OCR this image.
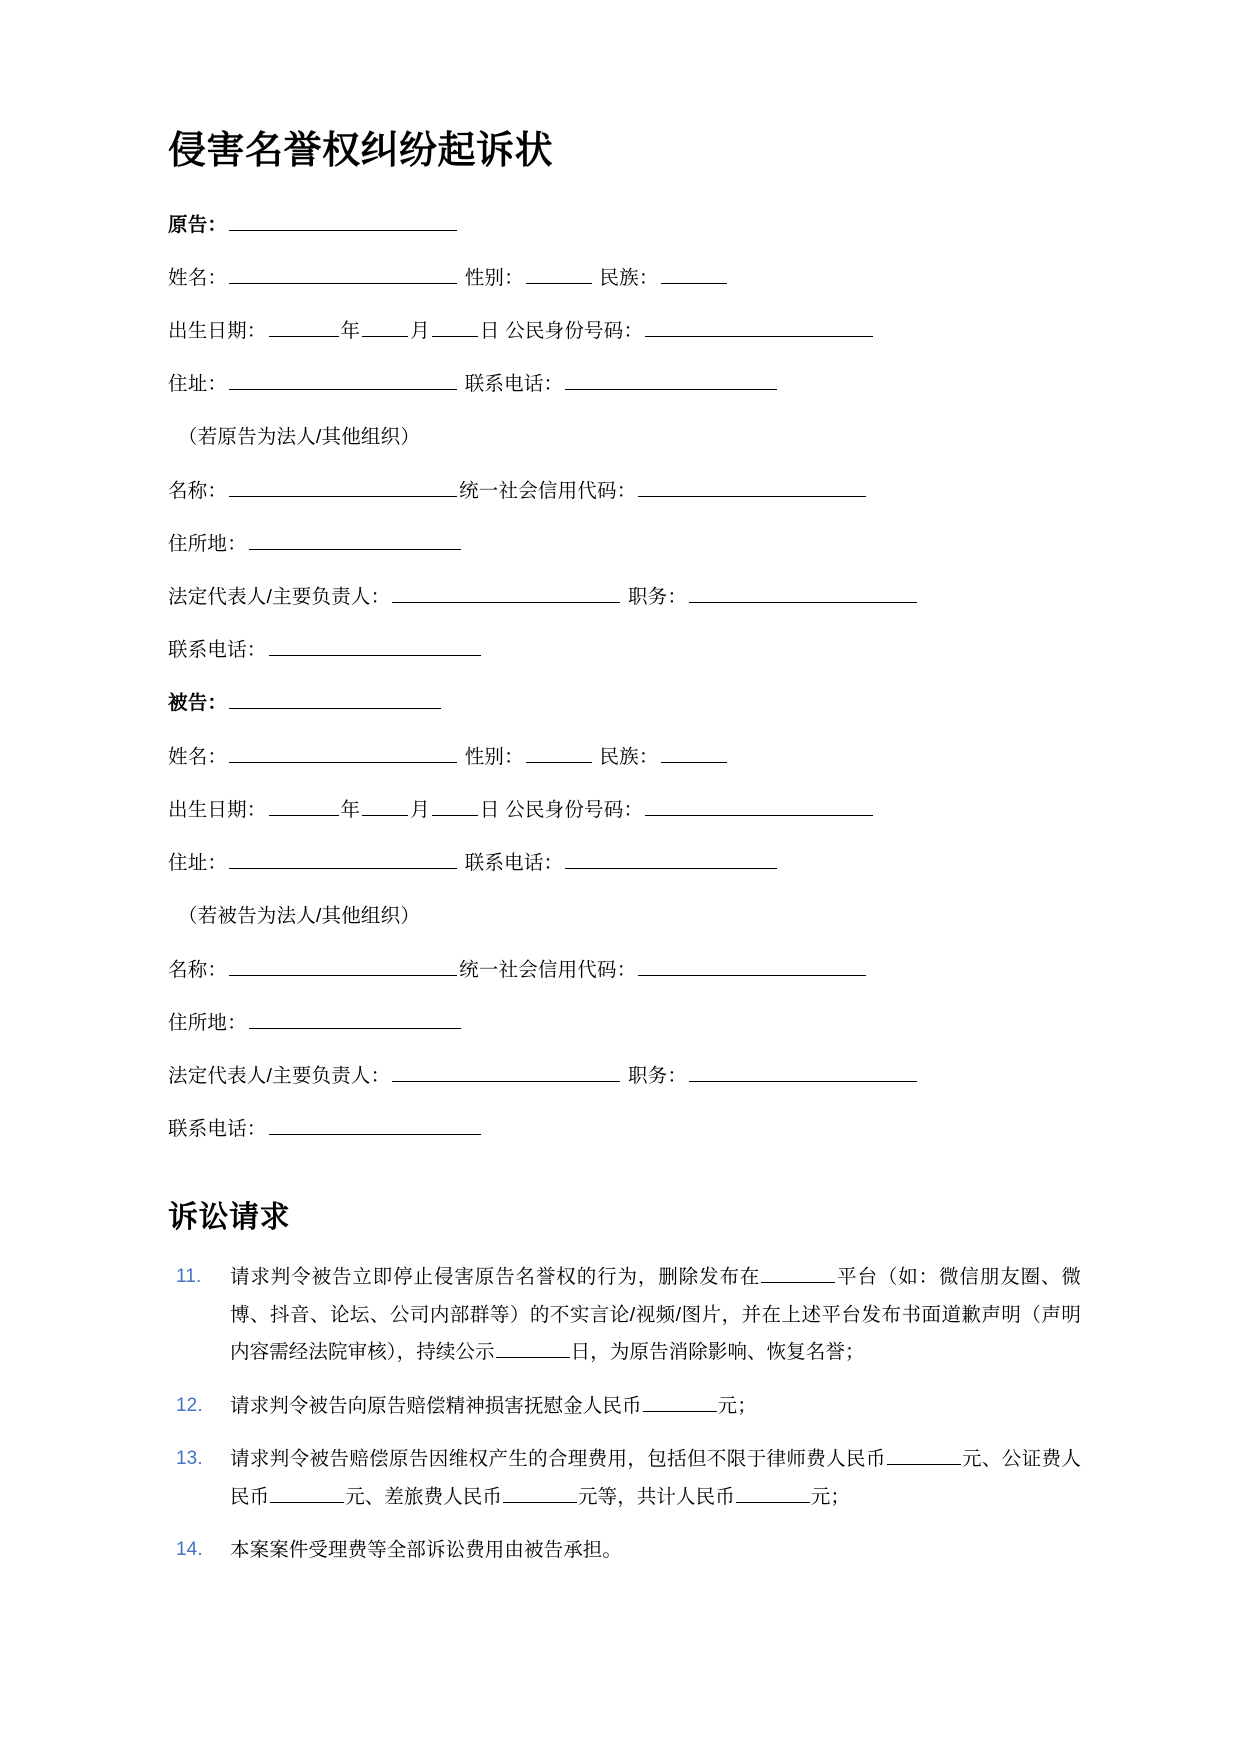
侵害名誉权纠纷起诉状
原告：
姓名：	性别：	民族：
出生日期：	年	月	日 公民身份号码：
住址：	联系电话：
（若原告为法人/其他组织）
名称：	统一社会信用代码：
住所地：
法定代表人/主要负责人：	职务：
联系电话：
被告：
姓名：	性别：	民族：
出生日期：	年	月	日 公民身份号码：
住址：	联系电话：
（若被告为法人/其他组织）
名称：	统一社会信用代码：
住所地：
法定代表人/主要负责人：	职务：
联系电话：
诉讼请求
请求判令被告立即停止侵害原告名誉权的行为，删除发布在	平台（如：微信朋友圈、微博、抖音、论坛、公司内部群等）的不实言论/视频/图片，并在上述平台发布书面道歉声明（声明内容需经法院审核），持续公示	日，为原告消除影响、恢复名誉；
请求判令被告向原告赔偿精神损害抚慰金人民币	元；
请求判令被告赔偿原告因维权产生的合理费用，包括但不限于律师费人民币	元、公证费人民币	元、差旅费人民币	元等，共计人民币	元；
本案案件受理费等全部诉讼费用由被告承担。
